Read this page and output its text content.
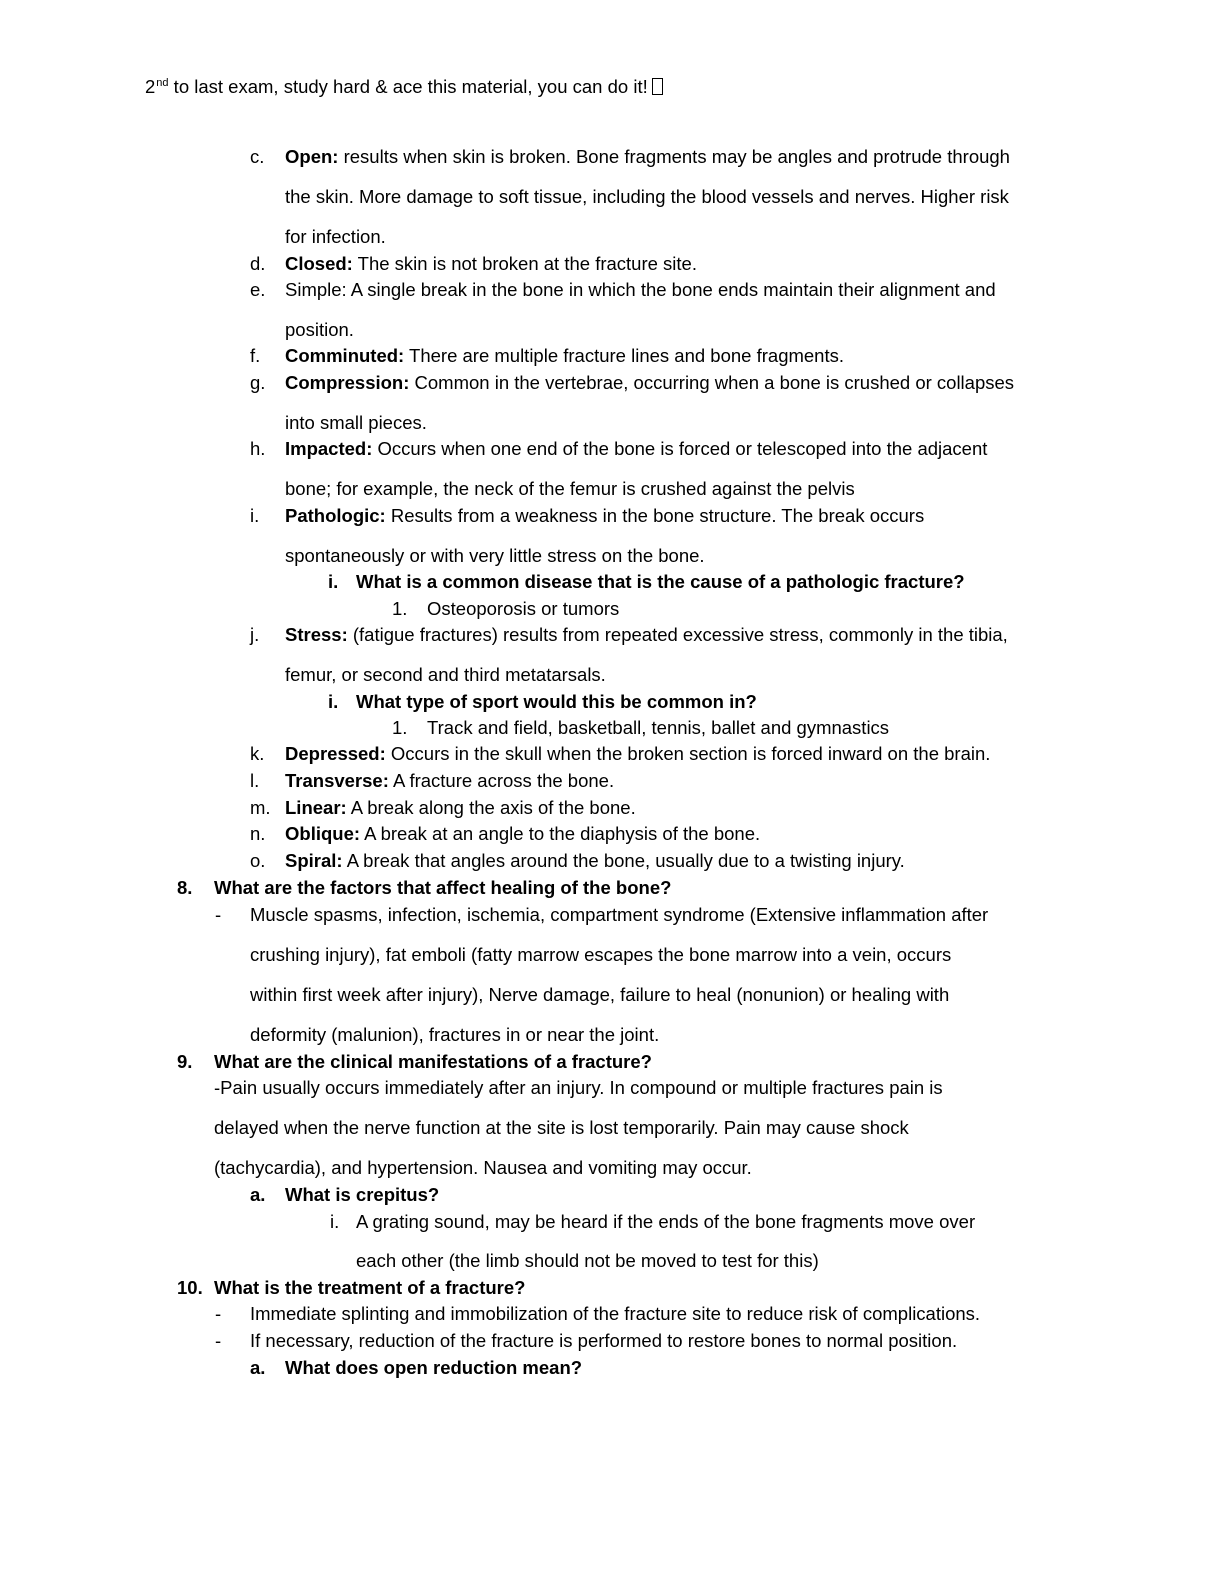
2nd to last exam, study hard & ace this material, you can do it!
c. Open: results when skin is broken. Bone fragments may be angles and protrude through
the skin. More damage to soft tissue, including the blood vessels and nerves. Higher risk
for infection.
d. Closed: The skin is not broken at the fracture site.
e. Simple: A single break in the bone in which the bone ends maintain their alignment and
position.
f. Comminuted: There are multiple fracture lines and bone fragments.
g. Compression: Common in the vertebrae, occurring when a bone is crushed or collapses
into small pieces.
h. Impacted: Occurs when one end of the bone is forced or telescoped into the adjacent
bone; for example, the neck of the femur is crushed against the pelvis
i. Pathologic: Results from a weakness in the bone structure. The break occurs
spontaneously or with very little stress on the bone.
i. What is a common disease that is the cause of a pathologic fracture?
1. Osteoporosis or tumors
j. Stress: (fatigue fractures) results from repeated excessive stress, commonly in the tibia,
femur, or second and third metatarsals.
i. What type of sport would this be common in?
1. Track and field, basketball, tennis, ballet and gymnastics
k. Depressed: Occurs in the skull when the broken section is forced inward on the brain.
l. Transverse: A fracture across the bone.
m. Linear: A break along the axis of the bone.
n. Oblique: A break at an angle to the diaphysis of the bone.
o. Spiral: A break that angles around the bone, usually due to a twisting injury.
8. What are the factors that affect healing of the bone?
- Muscle spasms, infection, ischemia, compartment syndrome (Extensive inflammation after
crushing injury), fat emboli (fatty marrow escapes the bone marrow into a vein, occurs
within first week after injury), Nerve damage, failure to heal (nonunion) or healing with
deformity (malunion), fractures in or near the joint.
9. What are the clinical manifestations of a fracture?
-Pain usually occurs immediately after an injury. In compound or multiple fractures pain is
delayed when the nerve function at the site is lost temporarily. Pain may cause shock
(tachycardia), and hypertension. Nausea and vomiting may occur.
a. What is crepitus?
i. A grating sound, may be heard if the ends of the bone fragments move over
each other (the limb should not be moved to test for this)
10. What is the treatment of a fracture?
- Immediate splinting and immobilization of the fracture site to reduce risk of complications.
- If necessary, reduction of the fracture is performed to restore bones to normal position.
a. What does open reduction mean?
